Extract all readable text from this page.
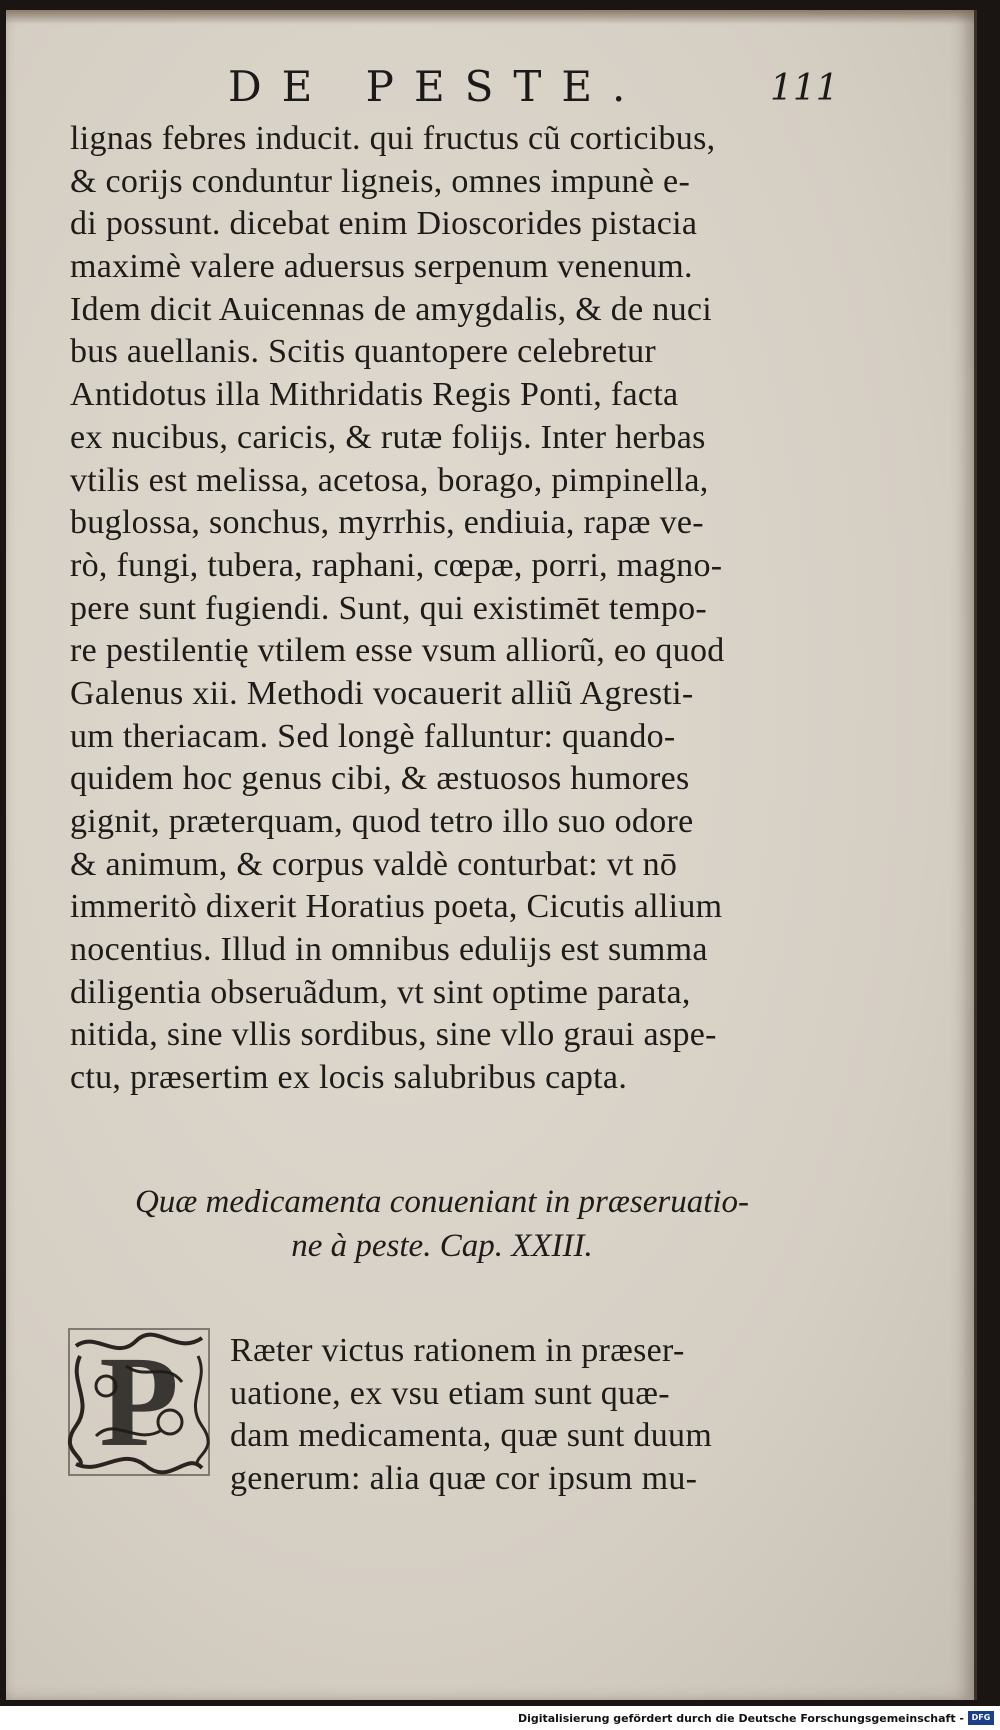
DE PESTE.	111
lignas febres inducit. qui fructus cũ corticibus,
& corijs conduntur ligneis, omnes impunè e-
di possunt. dicebat enim Dioscorides pistacia
maximè valere aduersus serpenum venenum.
Idem dicit Auicennas de amygdalis, & de nuci
bus auellanis. Scitis quantopere celebretur
Antidotus illa Mithridatis Regis Ponti, facta
ex nucibus, caricis, & rutæ folijs. Inter herbas
vtilis est melissa, acetosa, borago, pimpinella,
buglossa, sonchus, myrrhis, endiuia, rapæ ve-
rò, fungi, tubera, raphani, cœpæ, porri, magno-
pere sunt fugiendi. Sunt, qui existimēt tempo-
re pestilentię vtilem esse vsum alliorũ, eo quod
Galenus xii. Methodi vocauerit alliũ Agresti-
um theriacam. Sed longè falluntur: quando-
quidem hoc genus cibi, & æstuosos humores
gignit, præterquam, quod tetro illo suo odore
& animum, & corpus valdè conturbat: vt nō
immeritò dixerit Horatius poeta, Cicutis allium
nocentius. Illud in omnibus edulijs est summa
diligentia obseruãdum, vt sint optime parata,
nitida, sine vllis sordibus, sine vllo graui aspe-
ctu, præsertim ex locis salubribus capta.
Quæ medicamenta conueniant in præseruatio-
ne à peste. Cap. XXIII.
P	Ræter victus rationem in præser-
uatione, ex vsu etiam sunt quæ-
dam medicamenta, quæ sunt duum
generum: alia quæ cor ipsum mu-
Digitalisierung gefördert durch die Deutsche Forschungsgemeinschaft - DFG
